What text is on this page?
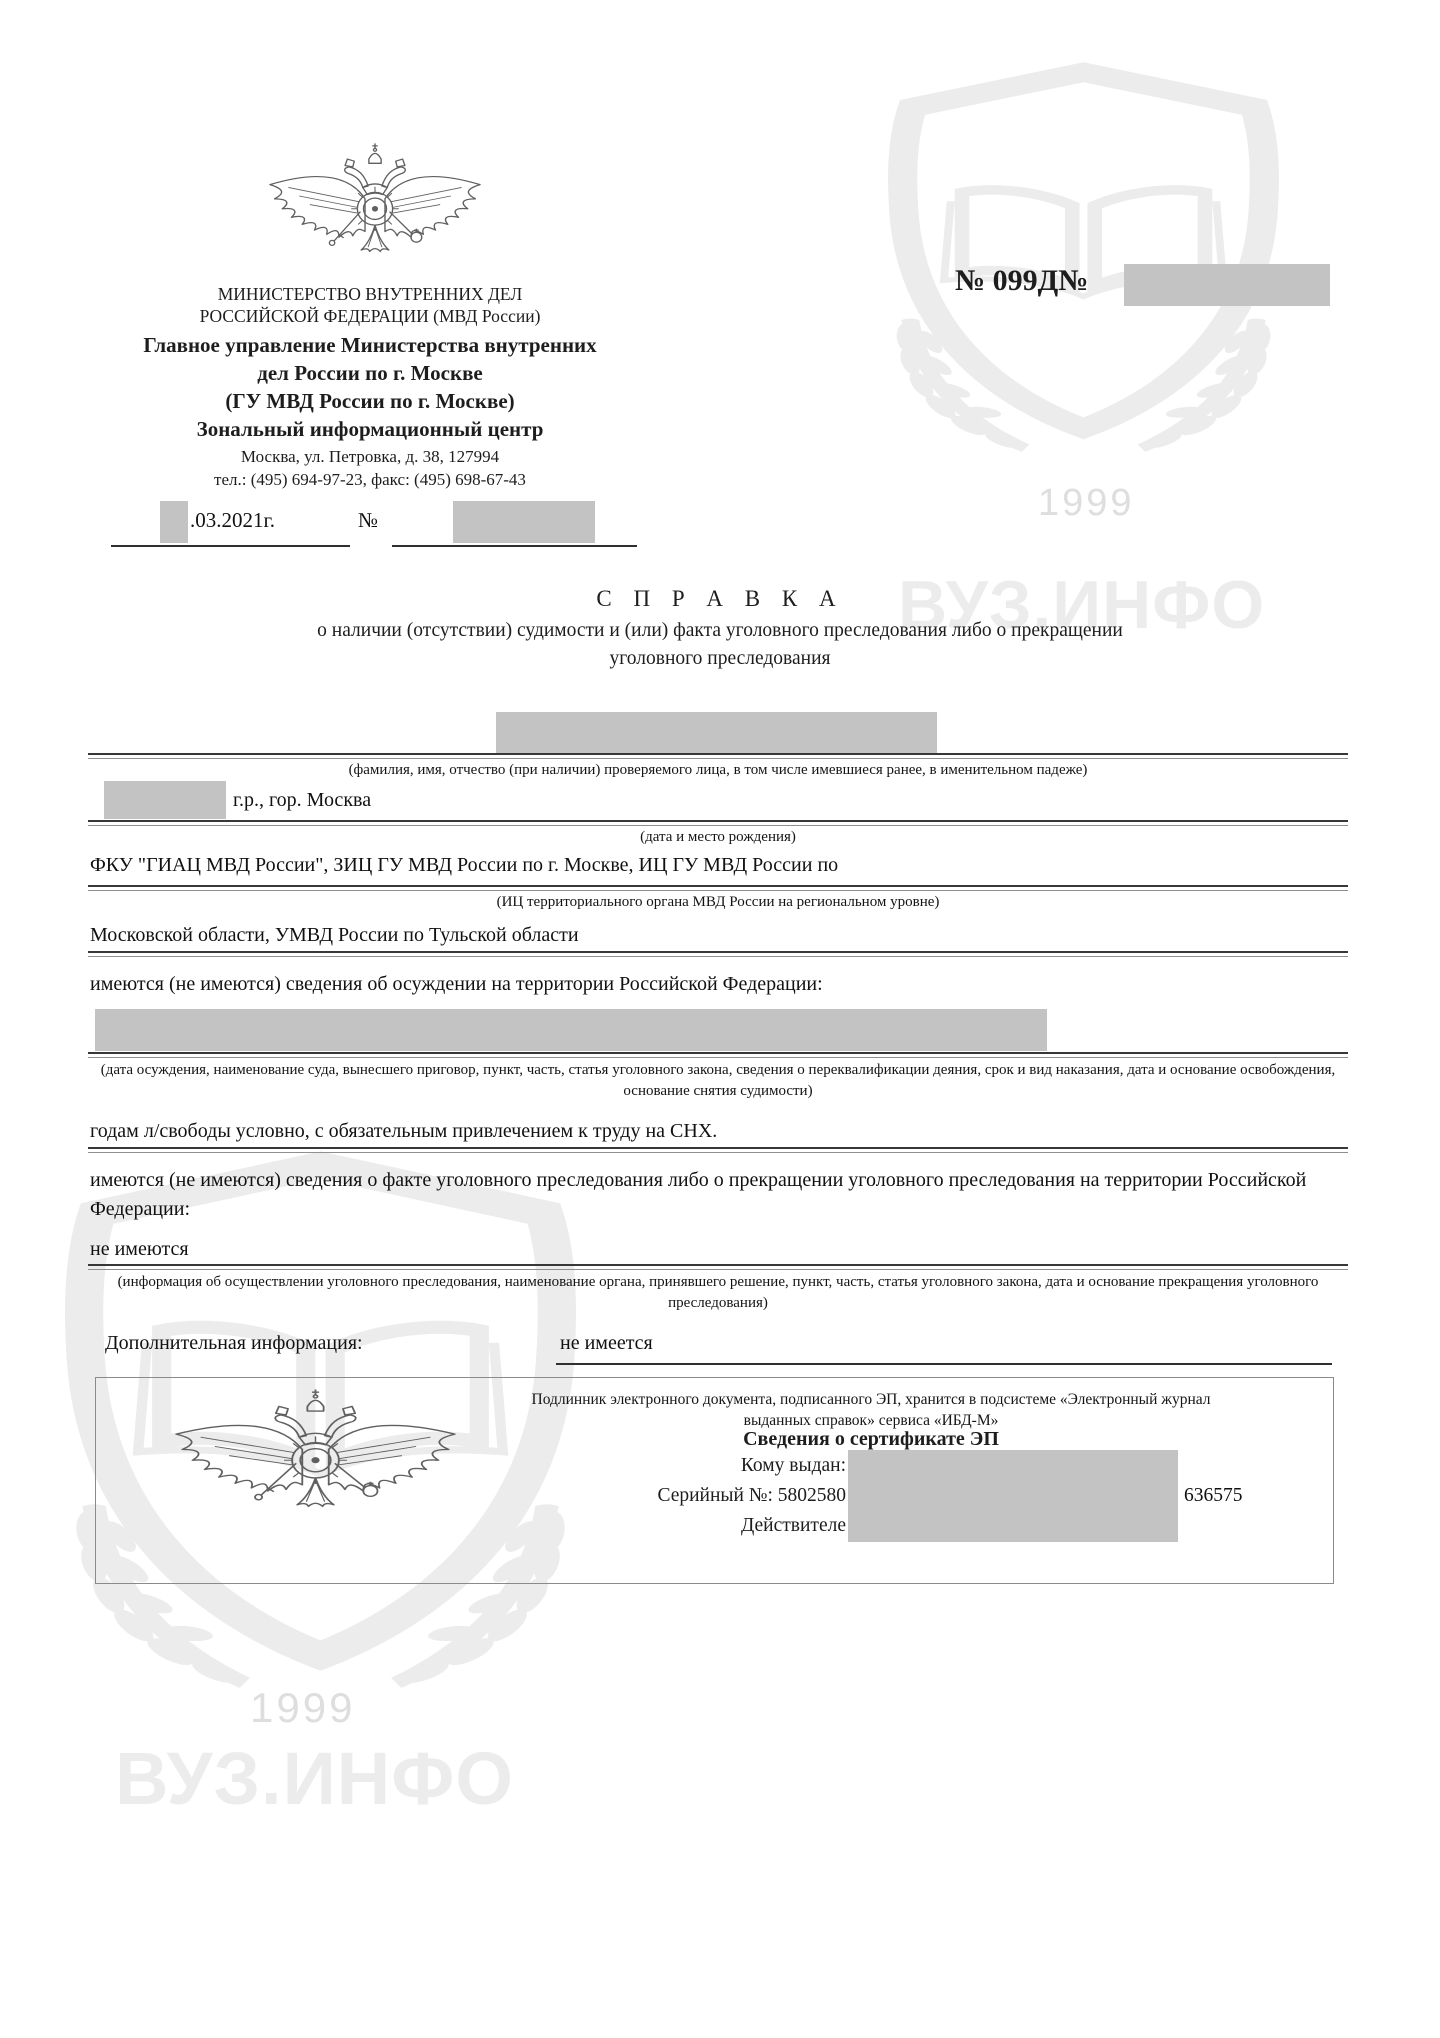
1999
ВУЗ.ИНФО
1999
ВУЗ.ИНФО
МИНИСТЕРСТВО ВНУТРЕННИХ ДЕЛ
РОССИЙСКОЙ ФЕДЕРАЦИИ (МВД России)
Главное управление Министерства внутренних
дел России по г. Москве
(ГУ МВД России по г. Москве)
Зональный информационный центр
Москва, ул. Петровка, д. 38, 127994
тел.: (495) 694-97-23, факс: (495) 698-67-43
.03.2021г.	№
№ 099Д№
С П Р А В К А
о наличии (отсутствии) судимости и (или) факта уголовного преследования либо о прекращении
уголовного преследования
(фамилия, имя, отчество (при наличии) проверяемого лица, в том числе имевшиеся ранее, в именительном падеже)
г.р., гор. Москва
(дата и место рождения)
ФКУ "ГИАЦ МВД России", ЗИЦ ГУ МВД России по г. Москве, ИЦ ГУ МВД России по
(ИЦ территориального органа МВД России на региональном уровне)
Московской области, УМВД России по Тульской области
имеются (не имеются) сведения об осуждении на территории Российской Федерации:
(дата осуждения, наименование суда, вынесшего приговор, пункт, часть, статья уголовного закона, сведения о переквалификации деяния, срок и вид наказания, дата и основание освобождения, основание снятия судимости)
годам л/свободы условно, с обязательным привлечением к труду на СНХ.
имеются (не имеются) сведения о факте уголовного преследования либо о прекращении уголовного преследования на территории Российской Федерации:
не имеются
(информация об осуществлении уголовного преследования, наименование органа, принявшего решение, пункт, часть, статья уголовного закона, дата и основание прекращения уголовного преследования)
Дополнительная информация:	не имеется
Подлинник электронного документа, подписанного ЭП, хранится в подсистеме «Электронный журнал
выданных справок» сервиса «ИБД-М»
Сведения о сертификате ЭП
Кому выдан:
Серийный №: 5802580
Действителе
636575
